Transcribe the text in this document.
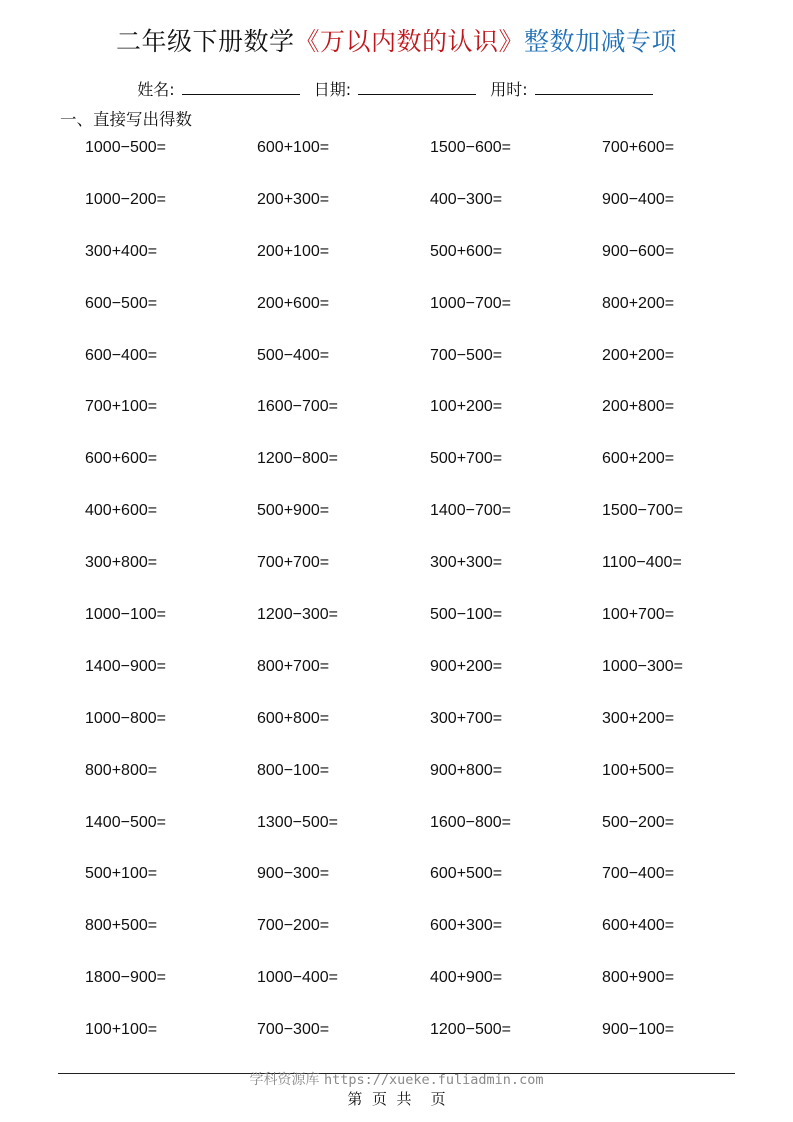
二年级下册数学《万以内数的认识》整数加减专项
姓名:	日期:	用时:
一、直接写出得数
1000−500=	600+100=	1500−600=	700+600=
1000−200=	200+300=	400−300=	900−400=
300+400=	200+100=	500+600=	900−600=
600−500=	200+600=	1000−700=	800+200=
600−400=	500−400=	700−500=	200+200=
700+100=	1600−700=	100+200=	200+800=
600+600=	1200−800=	500+700=	600+200=
400+600=	500+900=	1400−700=	1500−700=
300+800=	700+700=	300+300=	1100−400=
1000−100=	1200−300=	500−100=	100+700=
1400−900=	800+700=	900+200=	1000−300=
1000−800=	600+800=	300+700=	300+200=
800+800=	800−100=	900+800=	100+500=
1400−500=	1300−500=	1600−800=	500−200=
500+100=	900−300=	600+500=	700−400=
800+500=	700−200=	600+300=	600+400=
1800−900=	1000−400=	400+900=	800+900=
100+100=	700−300=	1200−500=	900−100=
学科资源库 https://xueke.fuliadmin.com
第  页  共    页
